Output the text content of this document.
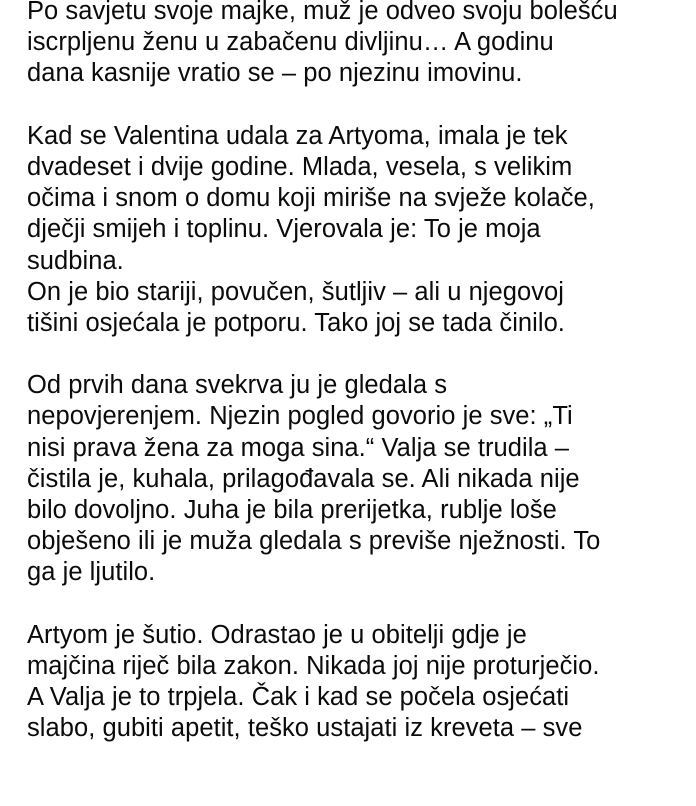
Po savjetu svoje majke, muž je odveo svoju bolešću
iscrpljenu ženu u zabačenu divljinu… A godinu
dana kasnije vratio se – po njezinu imovinu.
Kad se Valentina udala za Artyoma, imala je tek
dvadeset i dvije godine. Mlada, vesela, s velikim
očima i snom o domu koji miriše na svježe kolače,
dječji smijeh i toplinu. Vjerovala je: To je moja
sudbina.
On je bio stariji, povučen, šutljiv – ali u njegovoj
tišini osjećala je potporu. Tako joj se tada činilo.
Od prvih dana svekrva ju je gledala s
nepovjerenjem. Njezin pogled govorio je sve: „Ti
nisi prava žena za moga sina.“ Valja se trudila –
čistila je, kuhala, prilagođavala se. Ali nikada nije
bilo dovoljno. Juha je bila prerijetka, rublje loše
obješeno ili je muža gledala s previše nježnosti. To
ga je ljutilo.
Artyom je šutio. Odrastao je u obitelji gdje je
majčina riječ bila zakon. Nikada joj nije proturječio.
A Valja je to trpjela. Čak i kad se počela osjećati
slabo, gubiti apetit, teško ustajati iz kreveta – sve
